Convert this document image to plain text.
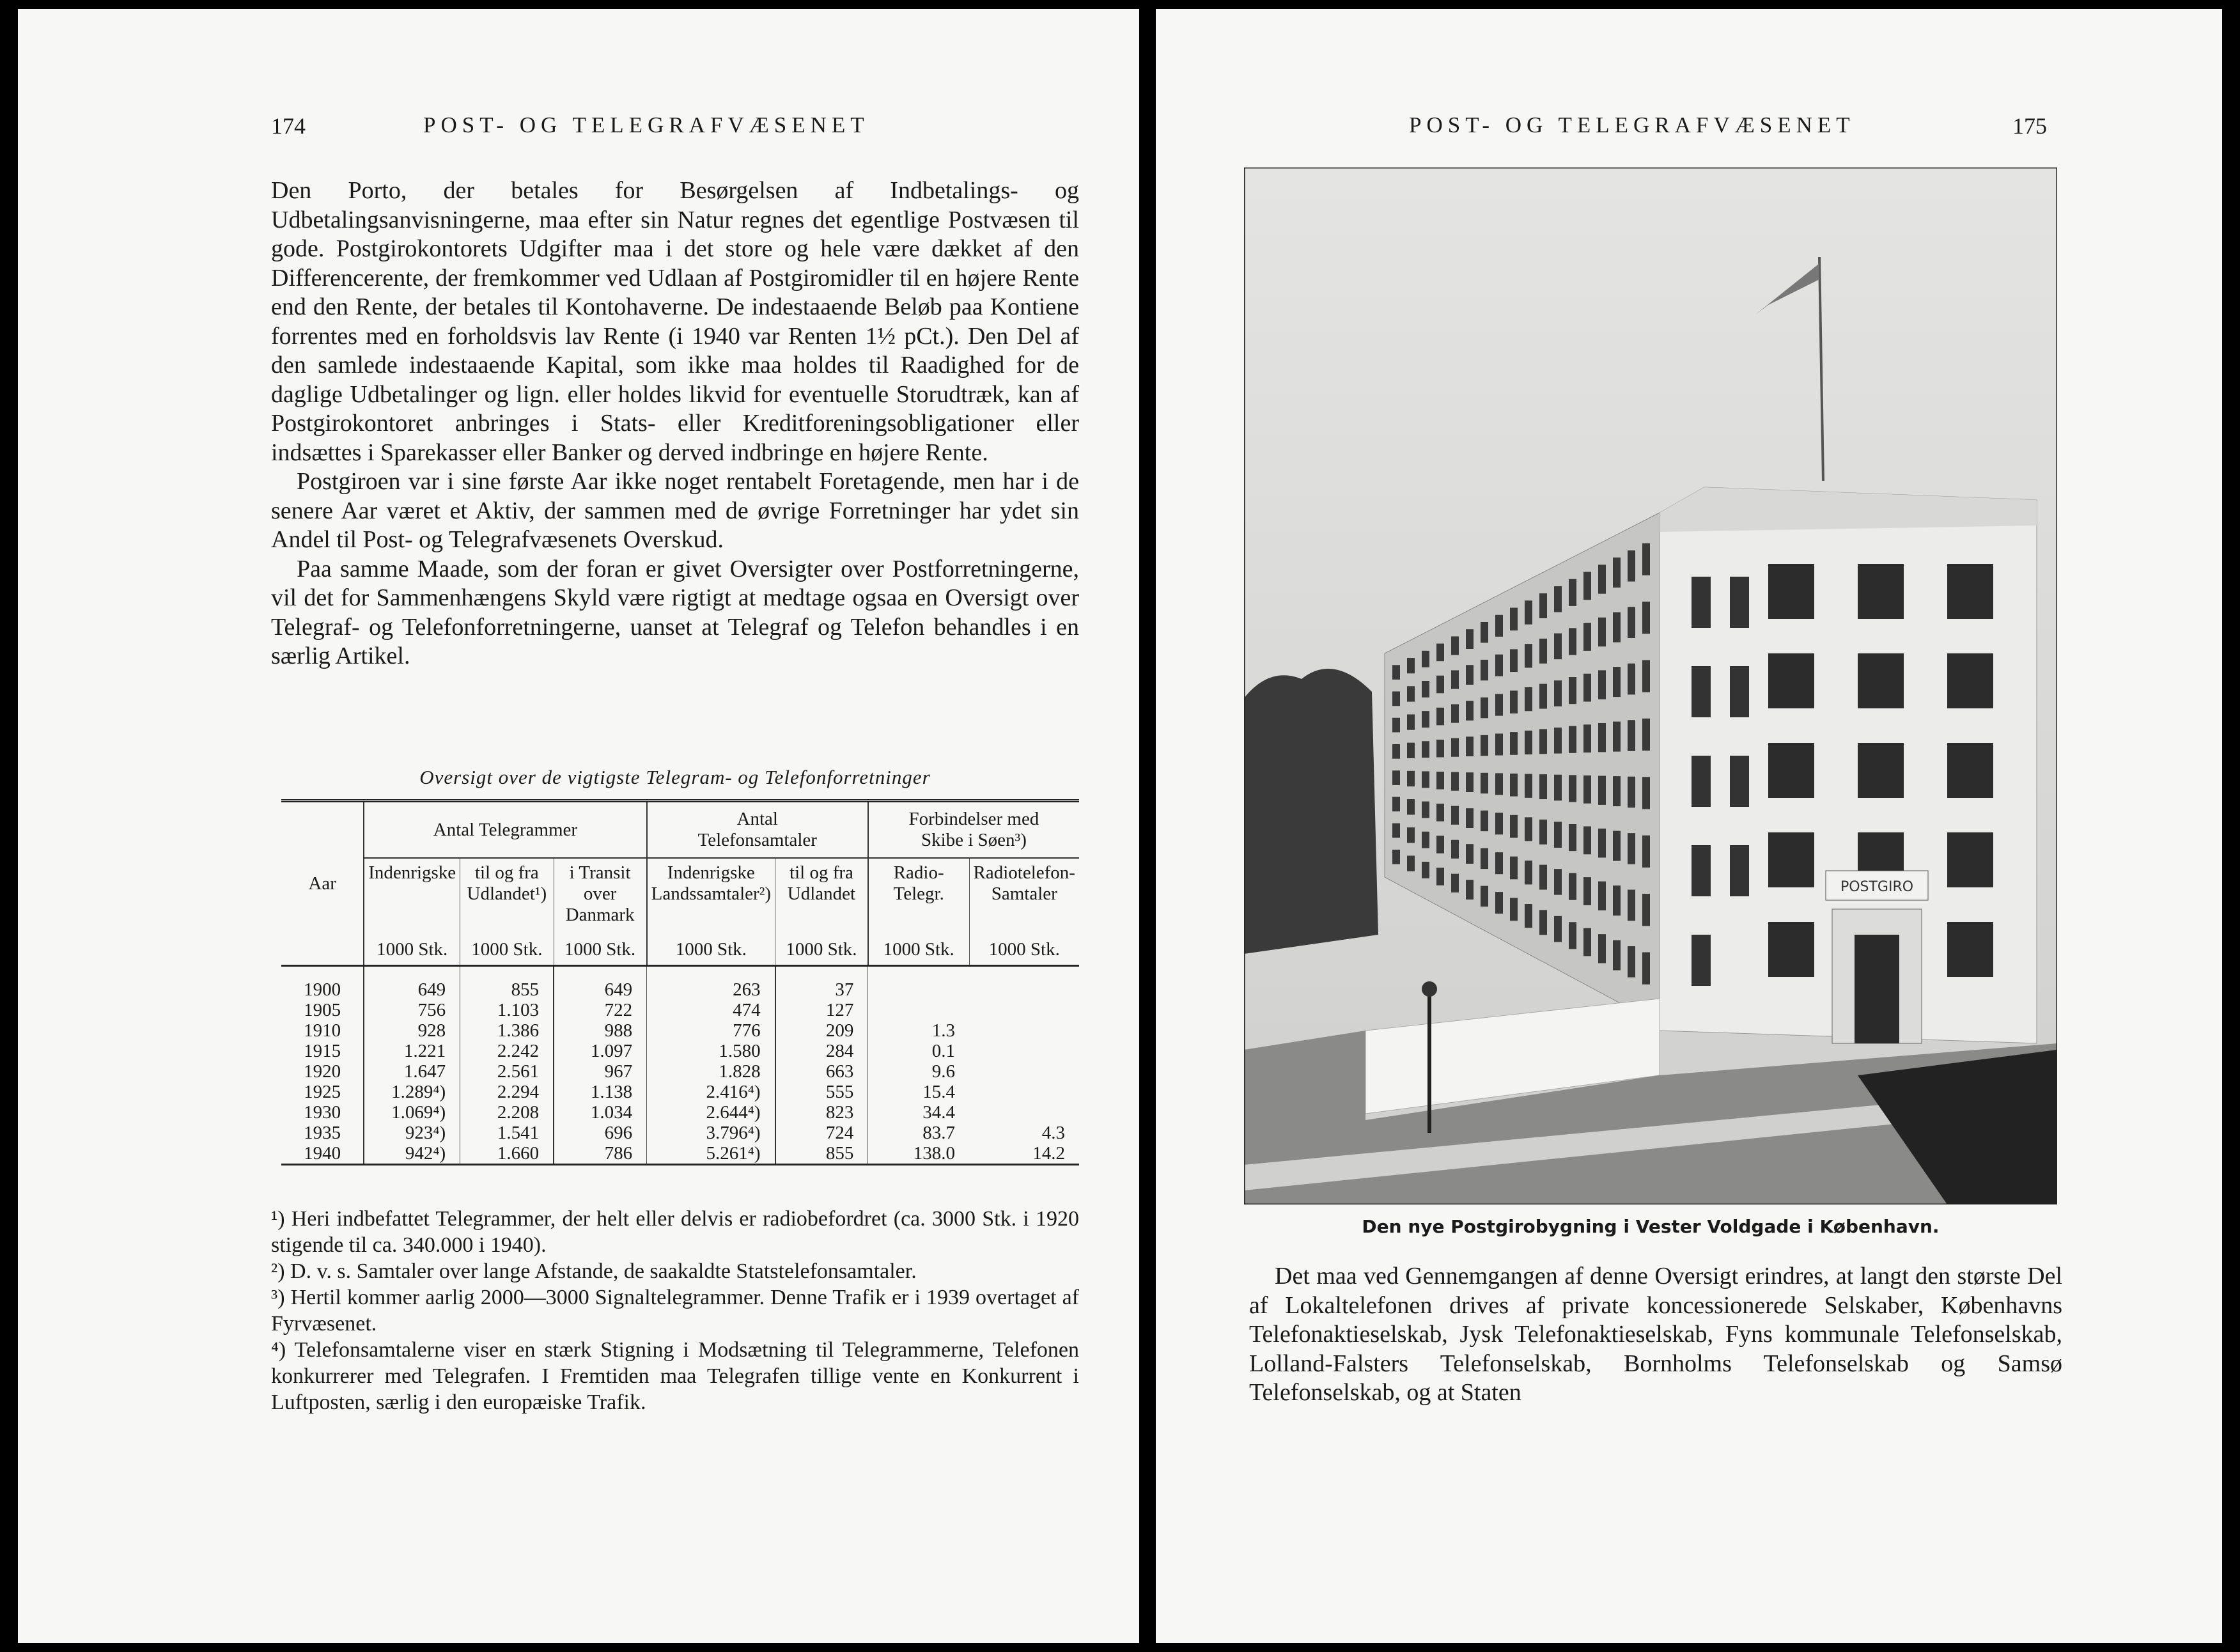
174	POST- OG TELEGRAFVÆSENET

Den Porto, der betales for Besørgelsen af Indbetalings- og Udbetalingsanvisningerne, maa efter sin Natur regnes det egentlige Postvæsen til gode. Postgirokontorets Udgifter maa i det store og hele være dækket af den Differencerente, der fremkommer ved Udlaan af Postgiromidler til en højere Rente end den Rente, der betales til Kontohaverne. De indestaaende Beløb paa Kontiene forrentes med en forholdsvis lav Rente (i 1940 var Renten 1½ pCt.). Den Del af den samlede indestaaende Kapital, som ikke maa holdes til Raadighed for de daglige Udbetalinger og lign. eller holdes likvid for eventuelle Storudtræk, kan af Postgirokontoret anbringes i Stats- eller Kreditforeningsobligationer eller indsættes i Sparekasser eller Banker og derved indbringe en højere Rente.

Postgiroen var i sine første Aar ikke noget rentabelt Foretagende, men har i de senere Aar været et Aktiv, der sammen med de øvrige Forretninger har ydet sin Andel til Post- og Telegrafvæsenets Overskud.

Paa samme Maade, som der foran er givet Oversigter over Postforretningerne, vil det for Sammenhængens Skyld være rigtigt at medtage ogsaa en Oversigt over Telegraf- og Telefonforretningerne, uanset at Telegraf og Telefon behandles i en særlig Artikel.

Oversigt over de vigtigste Telegram- og Telefonforretninger
Aar	Antal Telegrammer			Antal Telefonsamtaler		Forbindelser med Skibe i Søen³)	
	Indenrigske	til og fra Udlandet¹)	i Transit over Danmark	Indenrigske Landssamtaler²)	til og fra Udlandet	Radio-Telegr.	Radiotelefon-Samtaler
	1000 Stk.	1000 Stk.	1000 Stk.	1000 Stk.	1000 Stk.	1000 Stk.	1000 Stk.
1900	649	855	649	263	37		
1905	756	1.103	722	474	127		
1910	928	1.386	988	776	209	1.3	
1915	1.221	2.242	1.097	1.580	284	0.1	
1920	1.647	2.561	967	1.828	663	9.6	
1925	1.289⁴)	2.294	1.138	2.416⁴)	555	15.4	
1930	1.069⁴)	2.208	1.034	2.644⁴)	823	34.4	
1935	923⁴)	1.541	696	3.796⁴)	724	83.7	4.3
1940	942⁴)	1.660	786	5.261⁴)	855	138.0	14.2

¹) Heri indbefattet Telegrammer, der helt eller delvis er radiobefordret (ca. 3000 Stk. i 1920 stigende til ca. 340.000 i 1940).

²) D. v. s. Samtaler over lange Afstande, de saakaldte Statstelefonsamtaler.

³) Hertil kommer aarlig 2000—3000 Signaltelegrammer. Denne Trafik er i 1939 overtaget af Fyrvæsenet.

⁴) Telefonsamtalerne viser en stærk Stigning i Modsætning til Telegrammerne, Telefonen konkurrerer med Telegrafen. I Fremtiden maa Telegrafen tillige vente en Konkurrent i Luftposten, særlig i den europæiske Trafik.

POST- OG TELEGRAFVÆSENET	175
POSTGIRO
Den nye Postgirobygning i Vester Voldgade i København.

Det maa ved Gennemgangen af denne Oversigt erindres, at langt den største Del af Lokaltelefonen drives af private koncessionerede Selskaber, Københavns Telefonaktieselskab, Jysk Telefonaktieselskab, Fyns kommunale Telefonselskab, Lolland-Falsters Telefonselskab, Bornholms Telefonselskab og Samsø Telefonselskab, og at Staten
